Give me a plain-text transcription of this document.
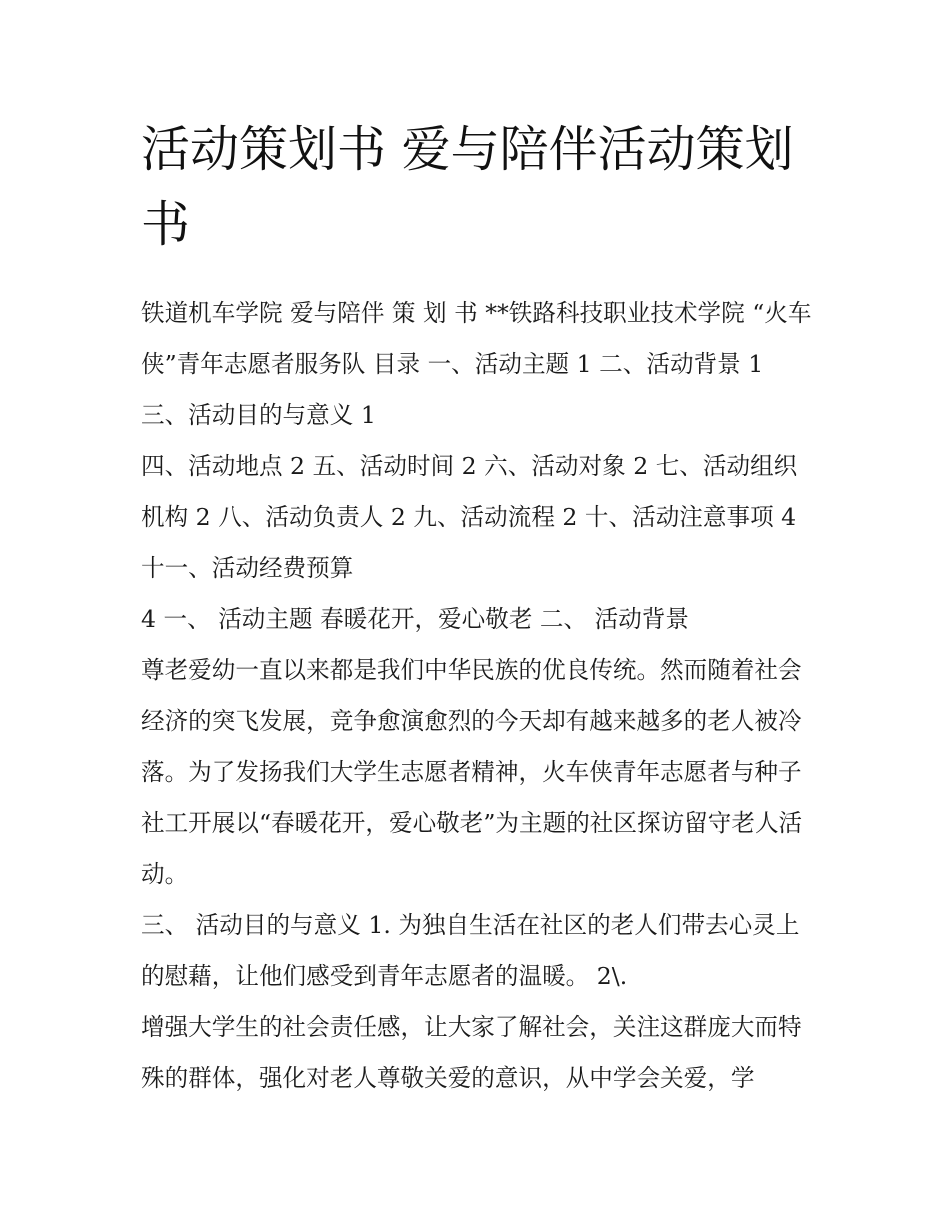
活动策划书 爱与陪伴活动策划书

铁道机车学院 爱与陪伴 策 划 书 **铁路科技职业技术学院 “火车侠”青年志愿者服务队 目录 一、活动主题 1 二、活动背景 1

三、活动目的与意义 1

四、活动地点 2 五、活动时间 2 六、活动对象 2 七、活动组织机构 2 八、活动负责人 2 九、活动流程 2 十、活动注意事项 4

十一、活动经费预算

4 一、 活动主题 春暖花开，爱心敬老 二、 活动背景

尊老爱幼一直以来都是我们中华民族的优良传统。然而随着社会经济的突飞发展，竞争愈演愈烈的今天却有越来越多的老人被冷落。为了发扬我们大学生志愿者精神，火车侠青年志愿者与种子社工开展以“春暖花开，爱心敬老”为主题的社区探访留守老人活动。

三、 活动目的与意义 1. 为独自生活在社区的老人们带去心灵上的慰藉，让他们感受到青年志愿者的温暖。 2\.

增强大学生的社会责任感，让大家了解社会，关注这群庞大而特殊的群体，强化对老人尊敬关爱的意识，从中学会关爱，学
